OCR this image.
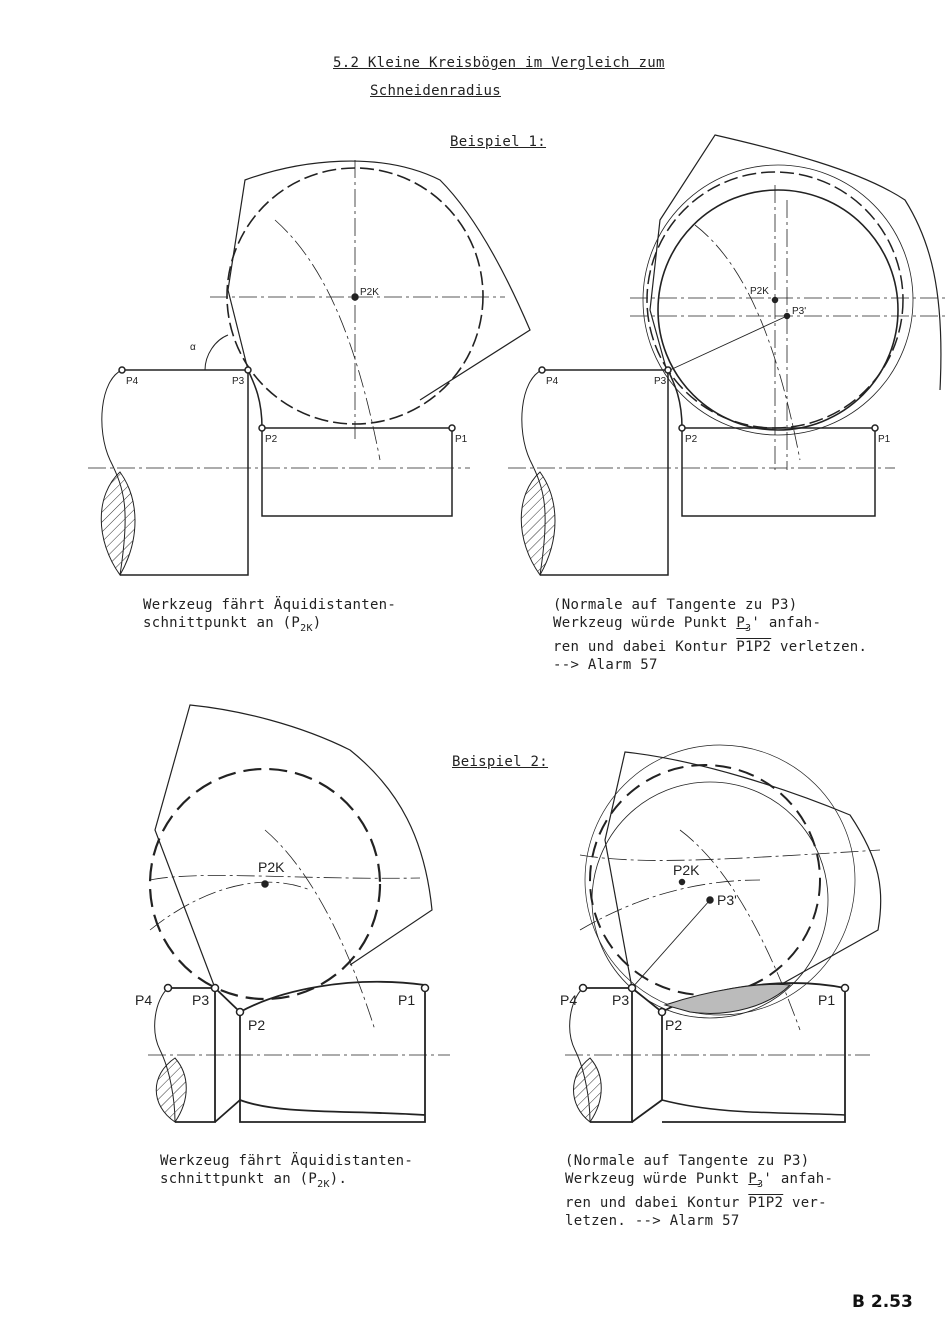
5.2 Kleine Kreisbögen im Vergleich zum
Schneidenradius
Beispiel 1:
Beispiel 2:
P4	P3
P2	P1
P2K
α
P4	P3
P2	P1
P2K
P3'
P4	P3
P2
P1
P2K
P4 P3
P2
P1
P2K
P3'
Werkzeug fährt Äquidistanten-
schnittpunkt an $(P_{2K})$
(Normale auf Tangente zu P3)
Werkzeug würde Punkt $P_3'$ anfah-
ren und dabei Kontur P1P2 verletzen.
--> Alarm 57
Werkzeug fährt Äquidistanten-
schnittpunkt an $(P_{2K})$.
(Normale auf Tangente zu P3)
Werkzeug würde Punkt $P_3'$ anfah-
ren und dabei Kontur P1P2 ver-
letzen. --> Alarm 57
B 2.53
